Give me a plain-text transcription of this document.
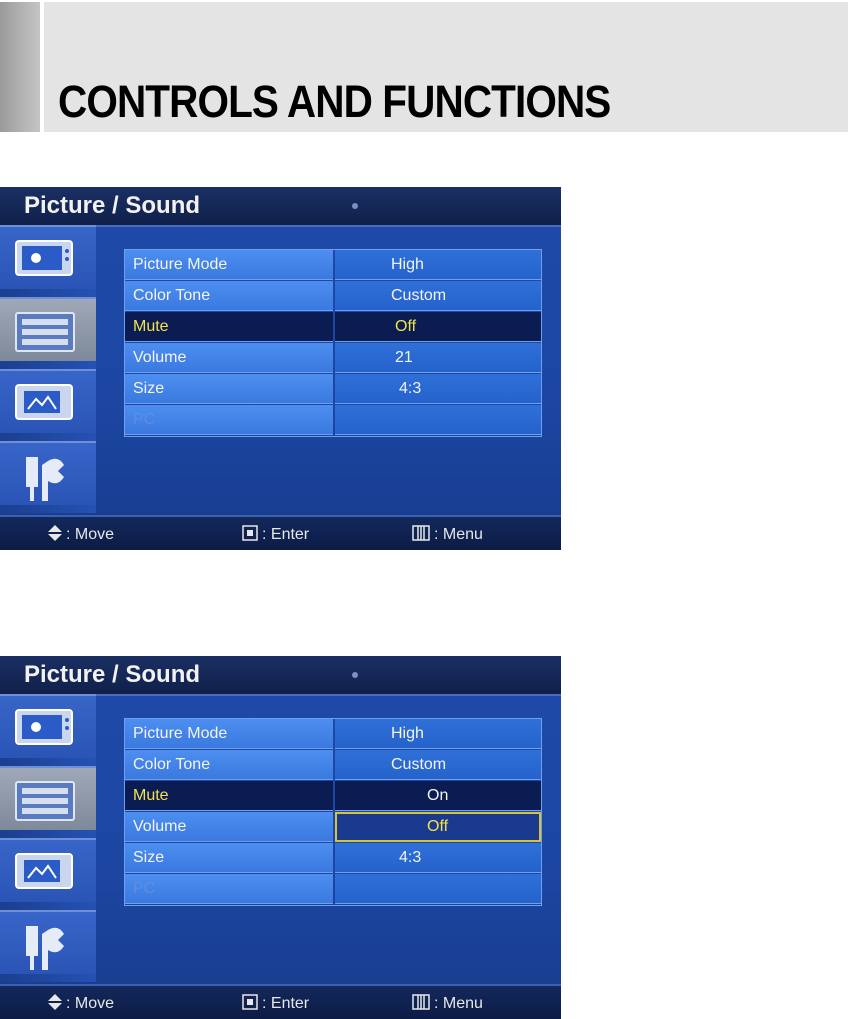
CONTROLS AND FUNCTIONS
Picture / Sound
Picture Mode	High
Color Tone	Custom
Mute	Off
Volume	21
Size	4:3
PC
: Move	: Enter	: Menu
Picture / Sound
Picture Mode	High
Color Tone	Custom
Mute	On
Volume	Off
Size	4:3
PC
: Move	: Enter	: Menu
